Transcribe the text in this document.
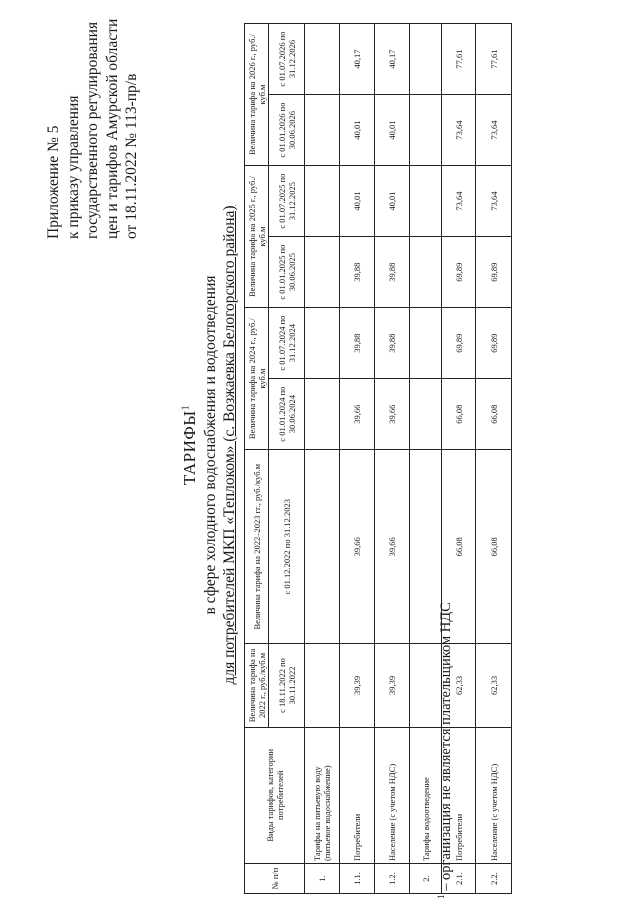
Приложение № 5 к приказу управления государственного регулирования цен и тарифов Амурской области от 18.11.2022 № 113-пр/в
ТАРИФЫ$^1$ в сфере холодного водоснабжения и водоотведения для потребителей МКП «Теплоком» (с. Возжаевка Белогорского района)
№ п/п	Виды тарифов, категории потребителей	Величина тарифа на 2022 г., руб./куб.м	Величина тарифа на 2022–2023 гг., руб./куб.м	Величина тарифа на 2024 г., руб./куб.м		Величина тарифа на 2025 г., руб./куб.м		Величина тарифа на 2026 г., руб./куб.м	
		с 18.11.2022 по 30.11.2022	с 01.12.2022 по 31.12.2023	с 01.01.2024 по 30.06.2024	с 01.07.2024 по 31.12.2024	с 01.01.2025 по 30.06.2025	с 01.07.2025 по 31.12.2025	с 01.01.2026 по 30.06.2026	с 01.07.2026 по 31.12.2026
1.	Тарифы на питьевую воду (питьевое водоснабжение)								
1.1.	Потребители	39,39	39,66	39,66	39,88	39,88	40,01	40,01	40,17
1.2.	Население (с учетом НДС)	39,39	39,66	39,66	39,88	39,88	40,01	40,01	40,17
2.	Тарифы водоотведение								
2.1.	Потребители	62,33	66,08	66,08	69,89	69,89	73,64	73,64	77,61
2.2.	Население (с учетом НДС)	62,33	66,08	66,08	69,89	69,89	73,64	73,64	77,61
$^1$ – организация не является плательщиком НДС
